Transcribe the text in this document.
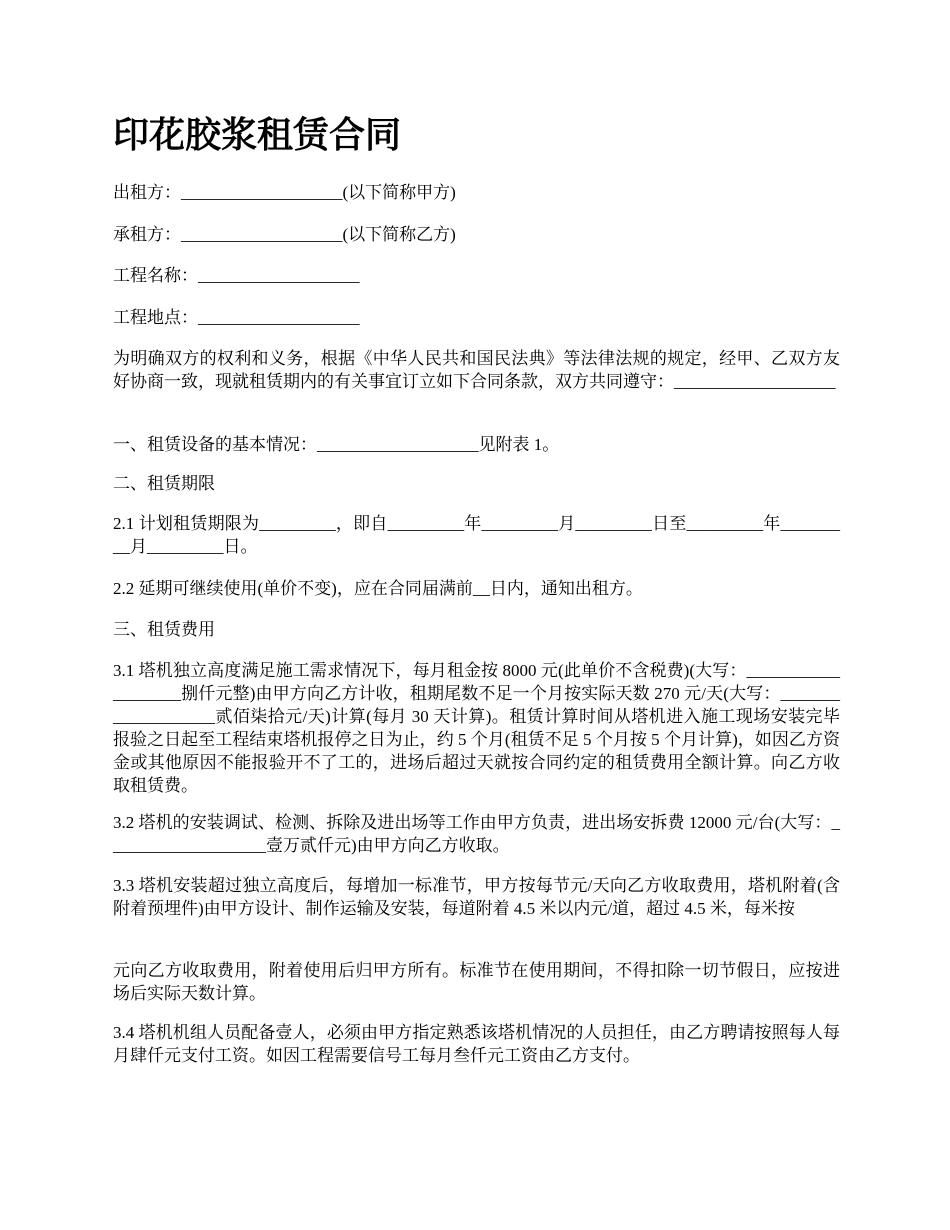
印花胶浆租赁合同

出租方：___________________(以下简称甲方)

承租方：___________________(以下简称乙方)

工程名称：___________________

工程地点：___________________

为明确双方的权利和义务，根据《中华人民共和国民法典》等法律法规的规定，经甲、乙双方友好协商一致，现就租赁期内的有关事宜订立如下合同条款，双方共同遵守：___________________

一、租赁设备的基本情况：___________________见附表 1。

二、租赁期限

2.1 计划租赁期限为_________，即自_________年_________月_________日至_________年_________月_________日。

2.2 延期可继续使用(单价不变)，应在合同届满前__日内，通知出租方。

三、租赁费用

3.1 塔机独立高度满足施工需求情况下，每月租金按 8000 元(此单价不含税费)(大写：___________________捌仟元整)由甲方向乙方计收，租期尾数不足一个月按实际天数 270 元/天(大写：___________________贰佰柒拾元/天)计算(每月 30 天计算)。租赁计算时间从塔机进入施工现场安装完毕报验之日起至工程结束塔机报停之日为止，约 5 个月(租赁不足 5 个月按 5 个月计算)，如因乙方资金或其他原因不能报验开不了工的，进场后超过天就按合同约定的租赁费用全额计算。向乙方收取租赁费。

3.2 塔机的安装调试、检测、拆除及进出场等工作由甲方负责，进出场安拆费 12000 元/台(大写：___________________壹万贰仟元)由甲方向乙方收取。

3.3 塔机安装超过独立高度后，每增加一标准节，甲方按每节元/天向乙方收取费用，塔机附着(含附着预埋件)由甲方设计、制作运输及安装，每道附着 4.5 米以内元/道，超过 4.5 米，每米按

元向乙方收取费用，附着使用后归甲方所有。标准节在使用期间，不得扣除一切节假日，应按进场后实际天数计算。

3.4 塔机机组人员配备壹人，必须由甲方指定熟悉该塔机情况的人员担任，由乙方聘请按照每人每月肆仟元支付工资。如因工程需要信号工每月叁仟元工资由乙方支付。
